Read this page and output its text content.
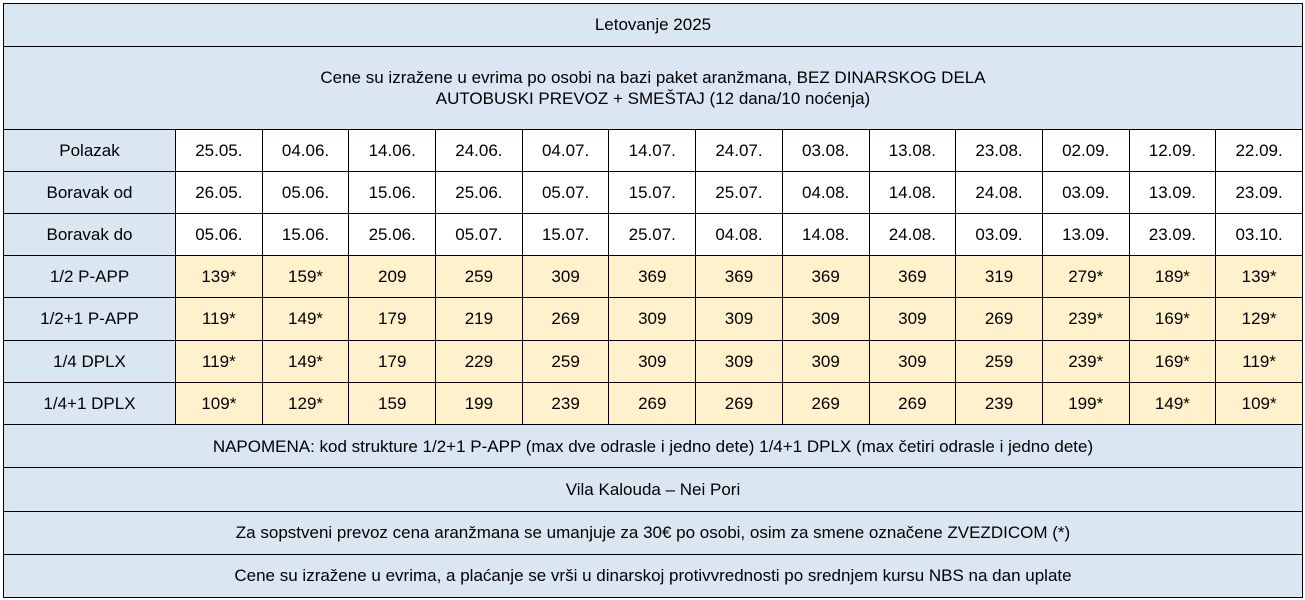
Letovanje 2025													

Cene su izražene u evrima po osobi na bazi paket aranžmana, BEZ DINARSKOG DELA
AUTOBUSKI PREVOZ + SMEŠTAJ (12 dana/10 noćenja)													

Polazak	25.05.	04.06.	14.06.	24.06.	04.07.	14.07.	24.07.	03.08.	13.08.	23.08.	02.09.	12.09.	22.09.
Boravak od	26.05.	05.06.	15.06.	25.06.	05.07.	15.07.	25.07.	04.08.	14.08.	24.08.	03.09.	13.09.	23.09.
Boravak do	05.06.	15.06.	25.06.	05.07.	15.07.	25.07.	04.08.	14.08.	24.08.	03.09.	13.09.	23.09.	03.10.
1/2 P-APP	139*	159*	209	259	309	369	369	369	369	319	279*	189*	139*
1/2+1 P-APP	119*	149*	179	219	269	309	309	309	309	269	239*	169*	129*
1/4 DPLX	119*	149*	179	229	259	309	309	309	309	259	239*	169*	119*
1/4+1 DPLX	109*	129*	159	199	239	269	269	269	269	239	199*	149*	109*
NAPOMENA: kod strukture 1/2+1 P-APP (max dve odrasle i jedno dete) 1/4+1 DPLX (max četiri odrasle i jedno dete)													
Vila Kalouda – Nei Pori													
Za sopstveni prevoz cena aranžmana se umanjuje za 30€ po osobi, osim za smene označene ZVEZDICOM (*)													
Cene su izražene u evrima, a plaćanje se vrši u dinarskoj protivvrednosti po srednjem kursu NBS na dan uplate													
